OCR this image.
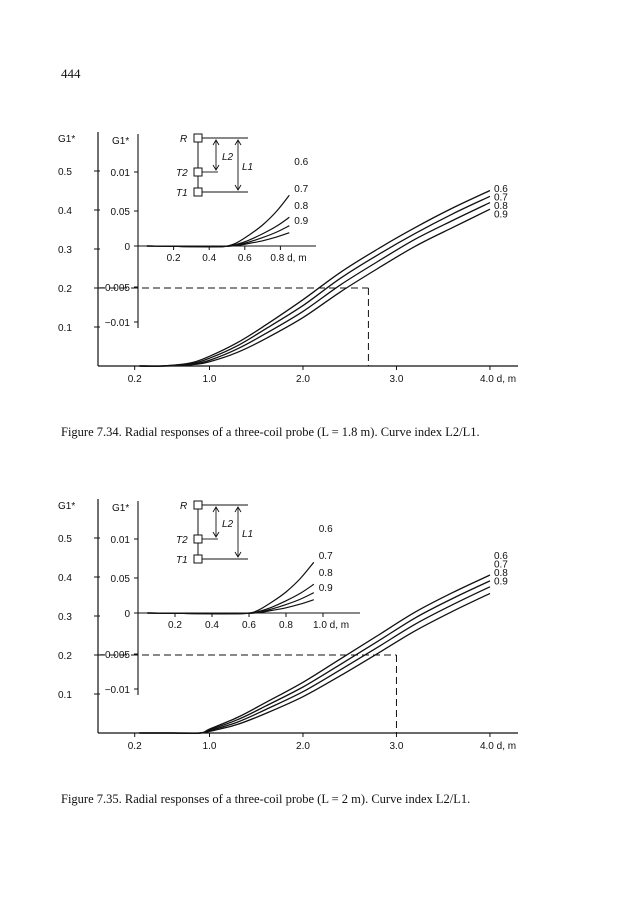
444
G1*
0.1
0.2
0.3
0.4
0.5
0.2	1.0	2.0	3.0	4.0 d, m
0.6
0.7
0.8
0.9
G1*
0.01
0.05
0
−0.005
−0.01
0.2 0.4 0.6 0.8 d, m
0.6
0.7
0.8
0.9
R
T2
T1
L2
L1
Figure 7.34. Radial responses of a three-coil probe (L = 1.8 m). Curve index L2/L1.
G1*
0.1
0.2
0.3
0.4
0.5
0.2	1.0	2.0	3.0	4.0 d, m
0.6
0.7
0.8
0.9
G1*
0.01
0.05
0
−0.005
−0.01
0.2 0.4 0.6 0.8 1.0 d, m
0.6
0.7
0.8
0.9
R
T2
T1
L2
L1
Figure 7.35. Radial responses of a three-coil probe (L = 2 m). Curve index L2/L1.
